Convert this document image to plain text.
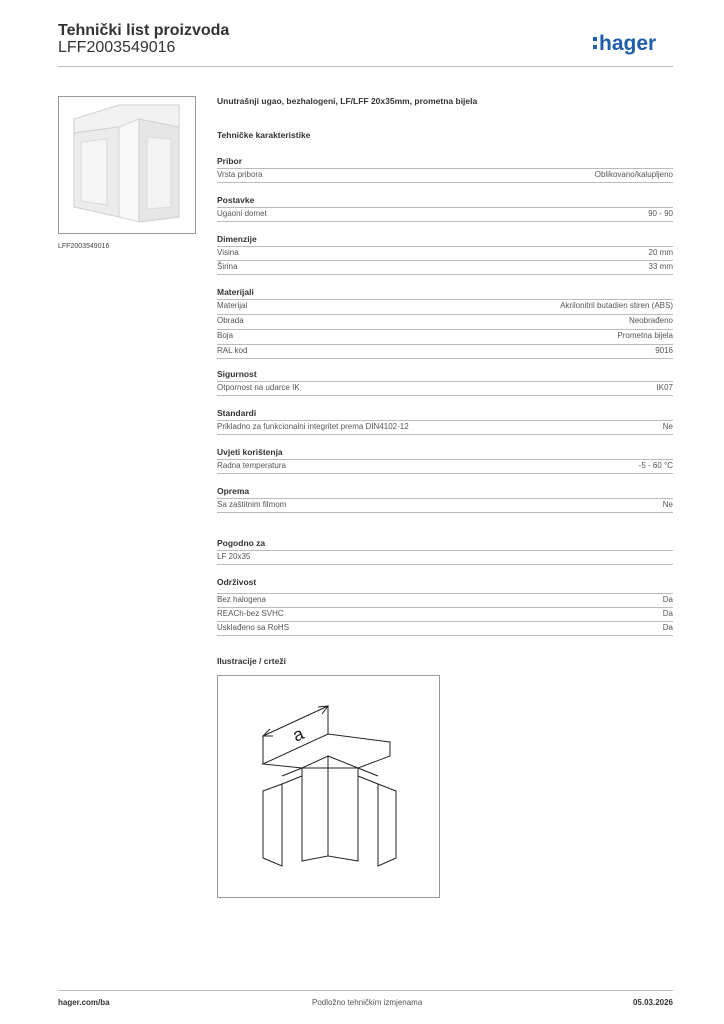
Tehnički list proizvoda
LFF2003549016	hager
LFF2003549016
Unutrašnji ugao, bezhalogeni, LF/LFF 20x35mm, prometna bijela
Tehničke karakteristike
Pribor
Vrsta pribora	Oblikovano/kalupljeno
Postavke
Ugaoni domet	90 - 90
Dimenzije
Visina	20 mm
Širina	33 mm
Materijali
Materijal	Akrilonitril butadien stiren (ABS)
Obrada	Neobrađeno
Boja	Prometna bijela
RAL kod	9016
Sigurnost
Otpornost na udarce IK	IK07
Standardi
Prikladno za funkcionalni integritet prema DIN4102-12	Ne
Uvjeti korištenja
Radna temperatura	-5 - 60 °C
Oprema
Sa zaštitnim filmom	Ne
Pogodno za
LF 20x35
Održivost
Bez halogena	Da
REACh-bez SVHC	Da
Usklađeno sa RoHS	Da
Ilustracije / crteži
a
hager.com/ba	Podložno tehničkim izmjenama	05.03.2026
